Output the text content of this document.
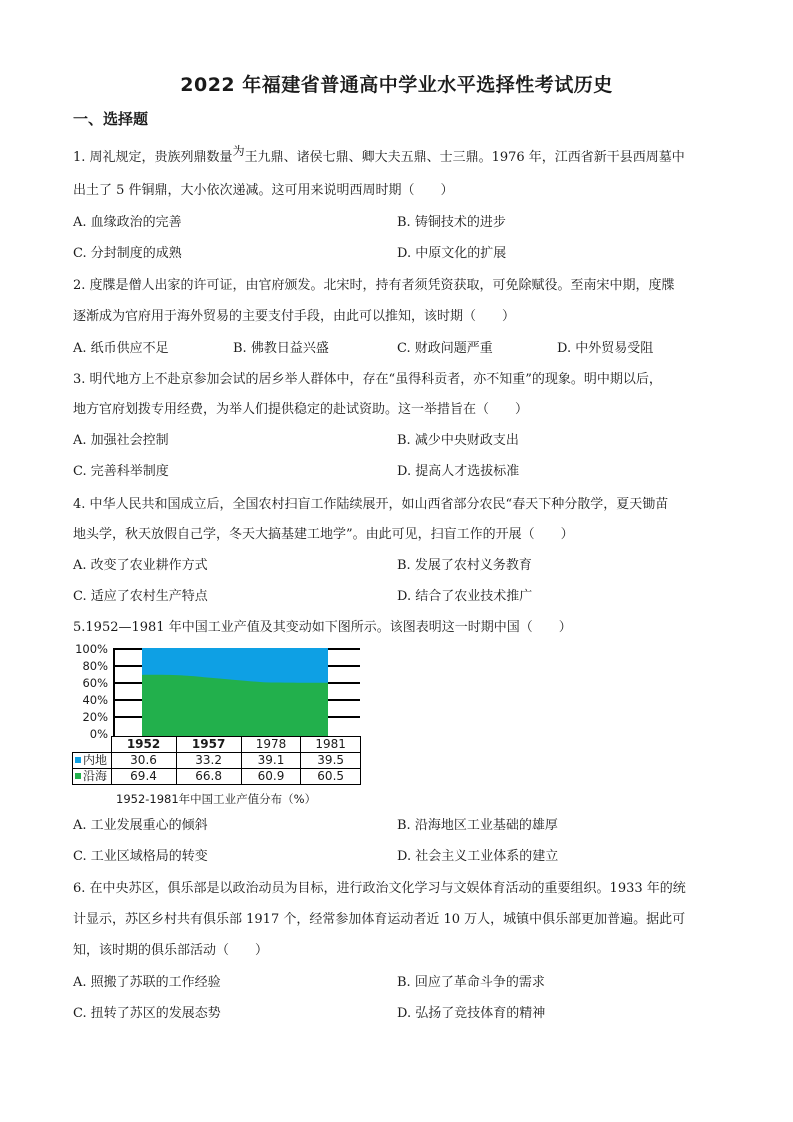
2022 年福建省普通高中学业水平选择性考试历史
一、选择题
1. 周礼规定，贵族列鼎数量为王九鼎、诸侯七鼎、卿大夫五鼎、士三鼎。1976 年，江西省新干县西周墓中
出土了 5 件铜鼎，大小依次递减。这可用来说明西周时期（　　）
A. 血缘政治的完善	B. 铸铜技术的进步
C. 分封制度的成熟	D. 中原文化的扩展
2. 度牒是僧人出家的许可证，由官府颁发。北宋时，持有者须凭资获取，可免除赋役。至南宋中期，度牒
逐渐成为官府用于海外贸易的主要支付手段，由此可以推知，该时期（　　）
A. 纸币供应不足	B. 佛教日益兴盛	C. 财政问题严重	D. 中外贸易受阻
3. 明代地方上不赴京参加会试的居乡举人群体中，存在“虽得科贡者，亦不知重”的现象。明中期以后，
地方官府划拨专用经费，为举人们提供稳定的赴试资助。这一举措旨在（　　）
A. 加强社会控制	B. 减少中央财政支出
C. 完善科举制度	D. 提高人才选拔标准
4. 中华人民共和国成立后，全国农村扫盲工作陆续展开，如山西省部分农民“春天下种分散学，夏天锄苗
地头学，秋天放假自己学，冬天大搞基建工地学”。由此可见，扫盲工作的开展（　　）
A. 改变了农业耕作方式	B. 发展了农村义务教育
C. 适应了农村生产特点	D. 结合了农业技术推广
5.1952—1981 年中国工业产值及其变动如下图所示。该图表明这一时期中国（　　）
100%
80%
60%
40%
20%
0%
	1952	1957	1978	1981
内地	30.6	33.2	39.1	39.5
沿海	69.4	66.8	60.9	60.5
1952-1981年中国工业产值分布（%）
A. 工业发展重心的倾斜	B. 沿海地区工业基础的雄厚
C. 工业区域格局的转变	D. 社会主义工业体系的建立
6. 在中央苏区，俱乐部是以政治动员为目标，进行政治文化学习与文娱体育活动的重要组织。1933 年的统
计显示，苏区乡村共有俱乐部 1917 个，经常参加体育运动者近 10 万人，城镇中俱乐部更加普遍。据此可
知，该时期的俱乐部活动（　　）
A. 照搬了苏联的工作经验	B. 回应了革命斗争的需求
C. 扭转了苏区的发展态势	D. 弘扬了竞技体育的精神
